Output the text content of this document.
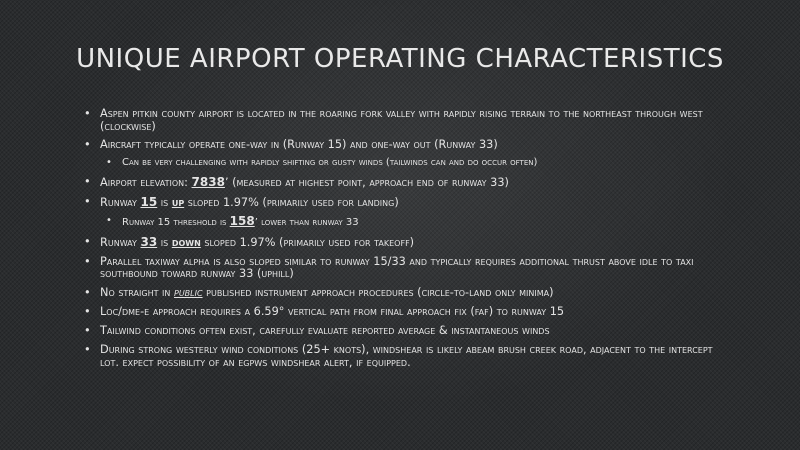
UNIQUE AIRPORT OPERATING CHARACTERISTICS
• Aspen pitkin county airport is located in the roaring fork valley with rapidly rising terrain to the northeast through west (clockwise)
• Aircraft typically operate one-way in (Runway 15) and one-way out (Runway 33)
• Can be very challenging with rapidly shifting or gusty winds (tailwinds can and do occur often)
• Airport elevation: 7838’ (measured at highest point, approach end of runway 33)
• Runway 15 is up sloped 1.97% (primarily used for landing)
• Runway 15 threshold is 158’ lower than runway 33
• Runway 33 is down sloped 1.97% (primarily used for takeoff)
• Parallel taxiway alpha is also sloped similar to runway 15/33 and typically requires additional thrust above idle to taxi southbound toward runway 33 (uphill)
• No straight in public published instrument approach procedures (circle-to-land only minima)
• Loc/dme-e approach requires a 6.59° vertical path from final approach fix (faf) to runway 15
• Tailwind conditions often exist, carefully evaluate reported average & instantaneous winds
• During strong westerly wind conditions (25+ knots), windshear is likely abeam brush creek road, adjacent to the intercept lot. expect possibility of an egpws windshear alert, if equipped.
